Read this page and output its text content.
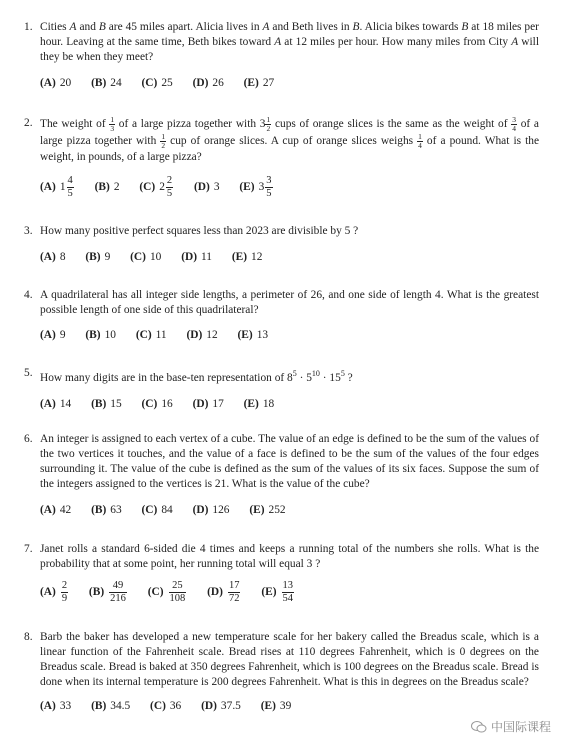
1. Cities A and B are 45 miles apart. Alicia lives in A and Beth lives in B. Alicia bikes towards B at 18 miles per hour. Leaving at the same time, Beth bikes toward A at 12 miles per hour. How many miles from City A will they be when they meet?
(A) 20 (B) 24 (C) 25 (D) 26 (E) 27
2. The weight of $\frac{1}{3}$ of a large pizza together with $3 \frac{1}{2}$ cups of orange slices is the same as the weight of $\frac{3}{4}$ of a large pizza together with $\frac{1}{2}$ cup of orange slices. A cup of orange slices weighs $\frac{1}{4}$ of a pound. What is the weight, in pounds, of a large pizza?
(A) $1 \frac{4}{5} (B)$ 2 (C) $2 \frac{2}{5} (D)$ 3 (E) $3 \frac{3}{5}$
3. How many positive perfect squares less than 2023 are divisible by 5 ?
(A) 8 (B) 9 (C) 10 (D) 11 (E) 12
4. A quadrilateral has all integer side lengths, a perimeter of 26, and one side of length 4. What is the greatest possible length of one side of this quadrilateral?
(A) 9 (B) 10 (C) 11 (D) 12 (E) 13
5. How many digits are in the base-ten representation of $8^5 \cdot 5^{10} \cdot 15^5$ ?
(A) 14 (B) 15 (C) 16 (D) 17 (E) 18
6. An integer is assigned to each vertex of a cube. The value of an edge is defined to be the sum of the values of the two vertices it touches, and the value of a face is defined to be the sum of the values of the four edges surrounding it. The value of the cube is defined as the sum of the values of its six faces. Suppose the sum of the integers assigned to the vertices is 21. What is the value of the cube?
(A) 42 (B) 63 (C) 84 (D) 126 (E) 252
7. Janet rolls a standard 6-sided die 4 times and keeps a running total of the numbers she rolls. What is the probability that at some point, her running total will equal 3 ?
$(A) \frac{2}{9} (B) \frac{49}{216} (C) \frac{25}{108} (D) \frac{17}{72} (E) \frac{13}{54}$
8. Barb the baker has developed a new temperature scale for her bakery called the Breadus scale, which is a linear function of the Fahrenheit scale. Bread rises at 110 degrees Fahrenheit, which is 0 degrees on the Breadus scale. Bread is baked at 350 degrees Fahrenheit, which is 100 degrees on the Breadus scale. Bread is done when its internal temperature is 200 degrees Fahrenheit. What is this in degrees on the Breadus scale?
(A) 33 (B) 34.5 (C) 36 (D) 37.5 (E) 39
中国际课程
